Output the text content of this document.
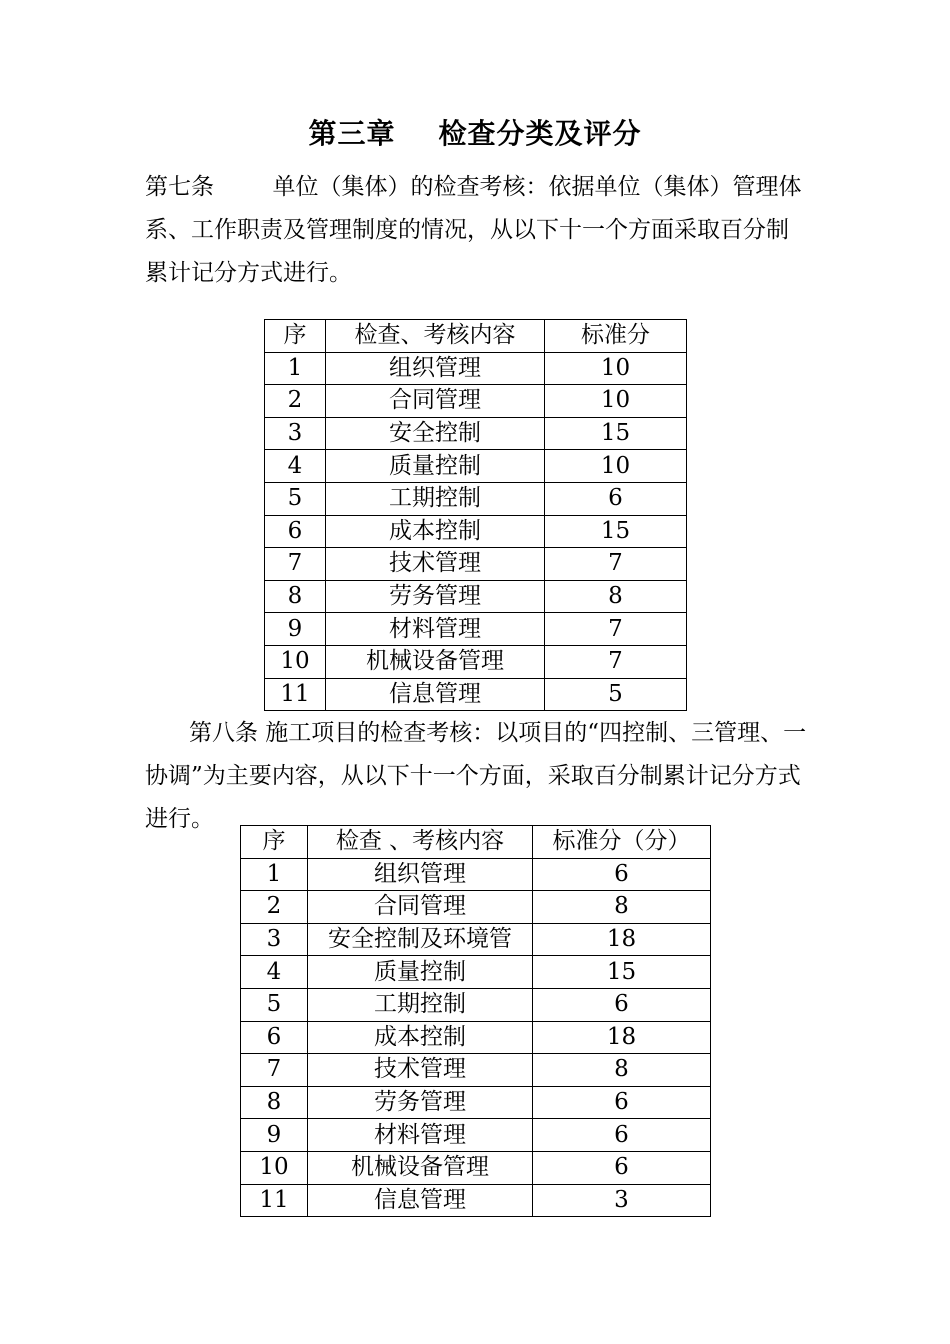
第三章    检查分类及评分

第七条        单位（集体）的检查考核：依据单位（集体）管理体系、工作职责及管理制度的情况，从以下十一个方面采取百分制累计记分方式进行。

序	检查、考核内容	标准分
1	组织管理	10
2	合同管理	10
3	安全控制	15
4	质量控制	10
5	工期控制	6
6	成本控制	15
7	技术管理	7
8	劳务管理	8
9	材料管理	7
10	机械设备管理	7
11	信息管理	5

第八条 施工项目的检查考核：以项目的“四控制、三管理、一协调”为主要内容，从以下十一个方面，采取百分制累计记分方式进行。

序	检查 、考核内容	标准分（分）
1	组织管理	6
2	合同管理	8
3	安全控制及环境管	18
4	质量控制	15
5	工期控制	6
6	成本控制	18
7	技术管理	8
8	劳务管理	6
9	材料管理	6
10	机械设备管理	6
11	信息管理	3
